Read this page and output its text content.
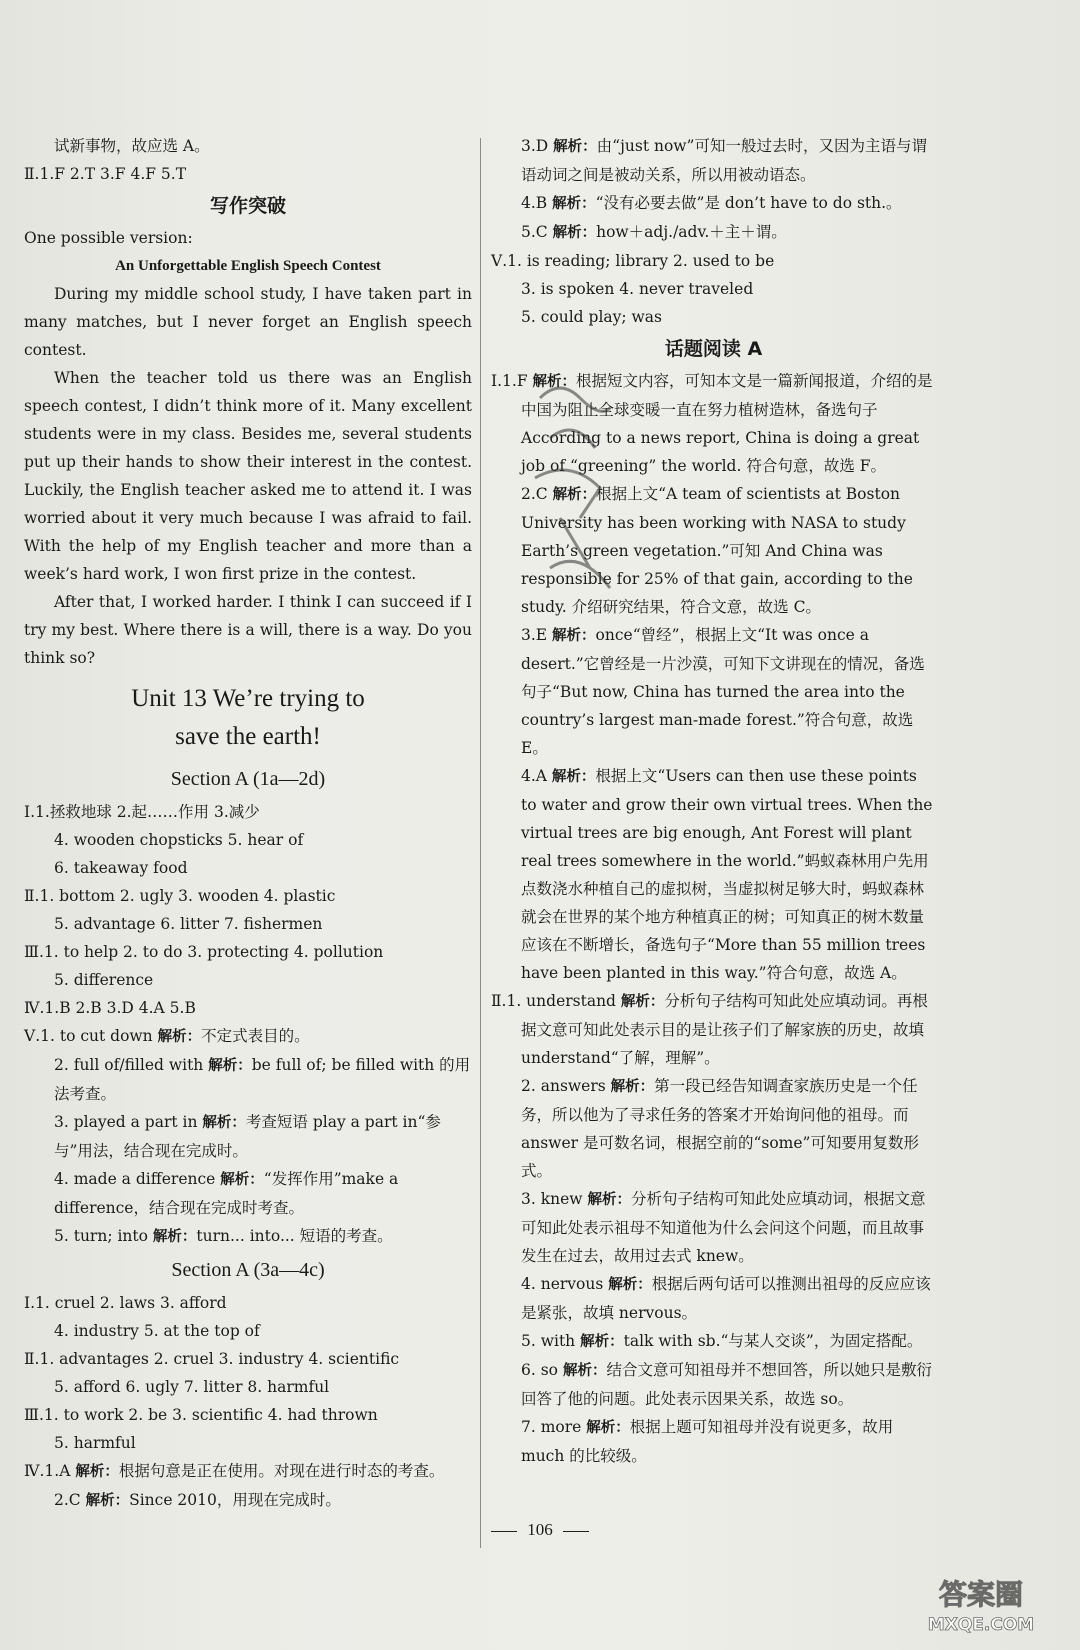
试新事物，故应选 A。

Ⅱ.1.F 2.T 3.F 4.F 5.T

写作突破

One possible version:

An Unforgettable English Speech Contest

During my middle school study, I have taken part in many matches, but I never forget an English speech contest.

When the teacher told us there was an English speech contest, I didn’t think more of it. Many excellent students were in my class. Besides me, several students put up their hands to show their interest in the contest. Luckily, the English teacher asked me to attend it. I was worried about it very much because I was afraid to fail. With the help of my English teacher and more than a week’s hard work, I won first prize in the contest.

After that, I worked harder. I think I can succeed if I try my best. Where there is a will, there is a way. Do you think so?

Unit 13 We’re trying to
save the earth!

Section A (1a—2d)

Ⅰ.1.拯救地球 2.起……作用 3.减少

4. wooden chopsticks 5. hear of

6. takeaway food

Ⅱ.1. bottom 2. ugly 3. wooden 4. plastic

5. advantage 6. litter 7. fishermen

Ⅲ.1. to help 2. to do 3. protecting 4. pollution

5. difference

Ⅳ.1.B 2.B 3.D 4.A 5.B

Ⅴ.1. to cut down 解析：不定式表目的。

2. full of/filled with 解析：be full of; be filled with 的用法考查。

3. played a part in 解析：考查短语 play a part in“参与”用法，结合现在完成时。

4. made a difference 解析：“发挥作用”make a difference，结合现在完成时考查。

5. turn; into 解析：turn... into... 短语的考查。

Section A (3a—4c)

Ⅰ.1. cruel 2. laws 3. afford

4. industry 5. at the top of

Ⅱ.1. advantages 2. cruel 3. industry 4. scientific

5. afford 6. ugly 7. litter 8. harmful

Ⅲ.1. to work 2. be 3. scientific 4. had thrown

5. harmful

Ⅳ.1.A 解析：根据句意是正在使用。对现在进行时态的考查。

2.C 解析：Since 2010，用现在完成时。

3.D 解析：由“just now”可知一般过去时，又因为主语与谓语动词之间是被动关系，所以用被动语态。

4.B 解析：“没有必要去做”是 don’t have to do sth.。

5.C 解析：how＋adj./adv.＋主＋谓。

Ⅴ.1. is reading; library 2. used to be

3. is spoken 4. never traveled

5. could play; was

话题阅读 A

Ⅰ.1.F 解析：根据短文内容，可知本文是一篇新闻报道，介绍的是中国为阻止全球变暖一直在努力植树造林，备选句子 According to a news report, China is doing a great job of “greening” the world. 符合句意，故选 F。

2.C 解析：根据上文“A team of scientists at Boston University has been working with NASA to study Earth’s green vegetation.”可知 And China was responsible for 25% of that gain, according to the study. 介绍研究结果，符合文意，故选 C。

3.E 解析：once“曾经”，根据上文“It was once a desert.”它曾经是一片沙漠，可知下文讲现在的情况，备选句子“But now, China has turned the area into the country’s largest man-made forest.”符合句意，故选 E。

4.A 解析：根据上文“Users can then use these points to water and grow their own virtual trees. When the virtual trees are big enough, Ant Forest will plant real trees somewhere in the world.”蚂蚁森林用户先用点数浇水种植自己的虚拟树，当虚拟树足够大时，蚂蚁森林就会在世界的某个地方种植真正的树；可知真正的树木数量应该在不断增长，备选句子“More than 55 million trees have been planted in this way.”符合句意，故选 A。

Ⅱ.1. understand 解析：分析句子结构可知此处应填动词。再根据文意可知此处表示目的是让孩子们了解家族的历史，故填 understand“了解，理解”。

2. answers 解析：第一段已经告知调查家族历史是一个任务，所以他为了寻求任务的答案才开始询问他的祖母。而 answer 是可数名词，根据空前的“some”可知要用复数形式。

3. knew 解析：分析句子结构可知此处应填动词，根据文意可知此处表示祖母不知道他为什么会问这个问题，而且故事发生在过去，故用过去式 knew。

4. nervous 解析：根据后两句话可以推测出祖母的反应应该是紧张，故填 nervous。

5. with 解析：talk with sb.“与某人交谈”，为固定搭配。

6. so 解析：结合文意可知祖母并不想回答，所以她只是敷衍回答了他的问题。此处表示因果关系，故选 so。

7. more 解析：根据上题可知祖母并没有说更多，故用 much 的比较级。

106
答案圈
MXQE.COM
